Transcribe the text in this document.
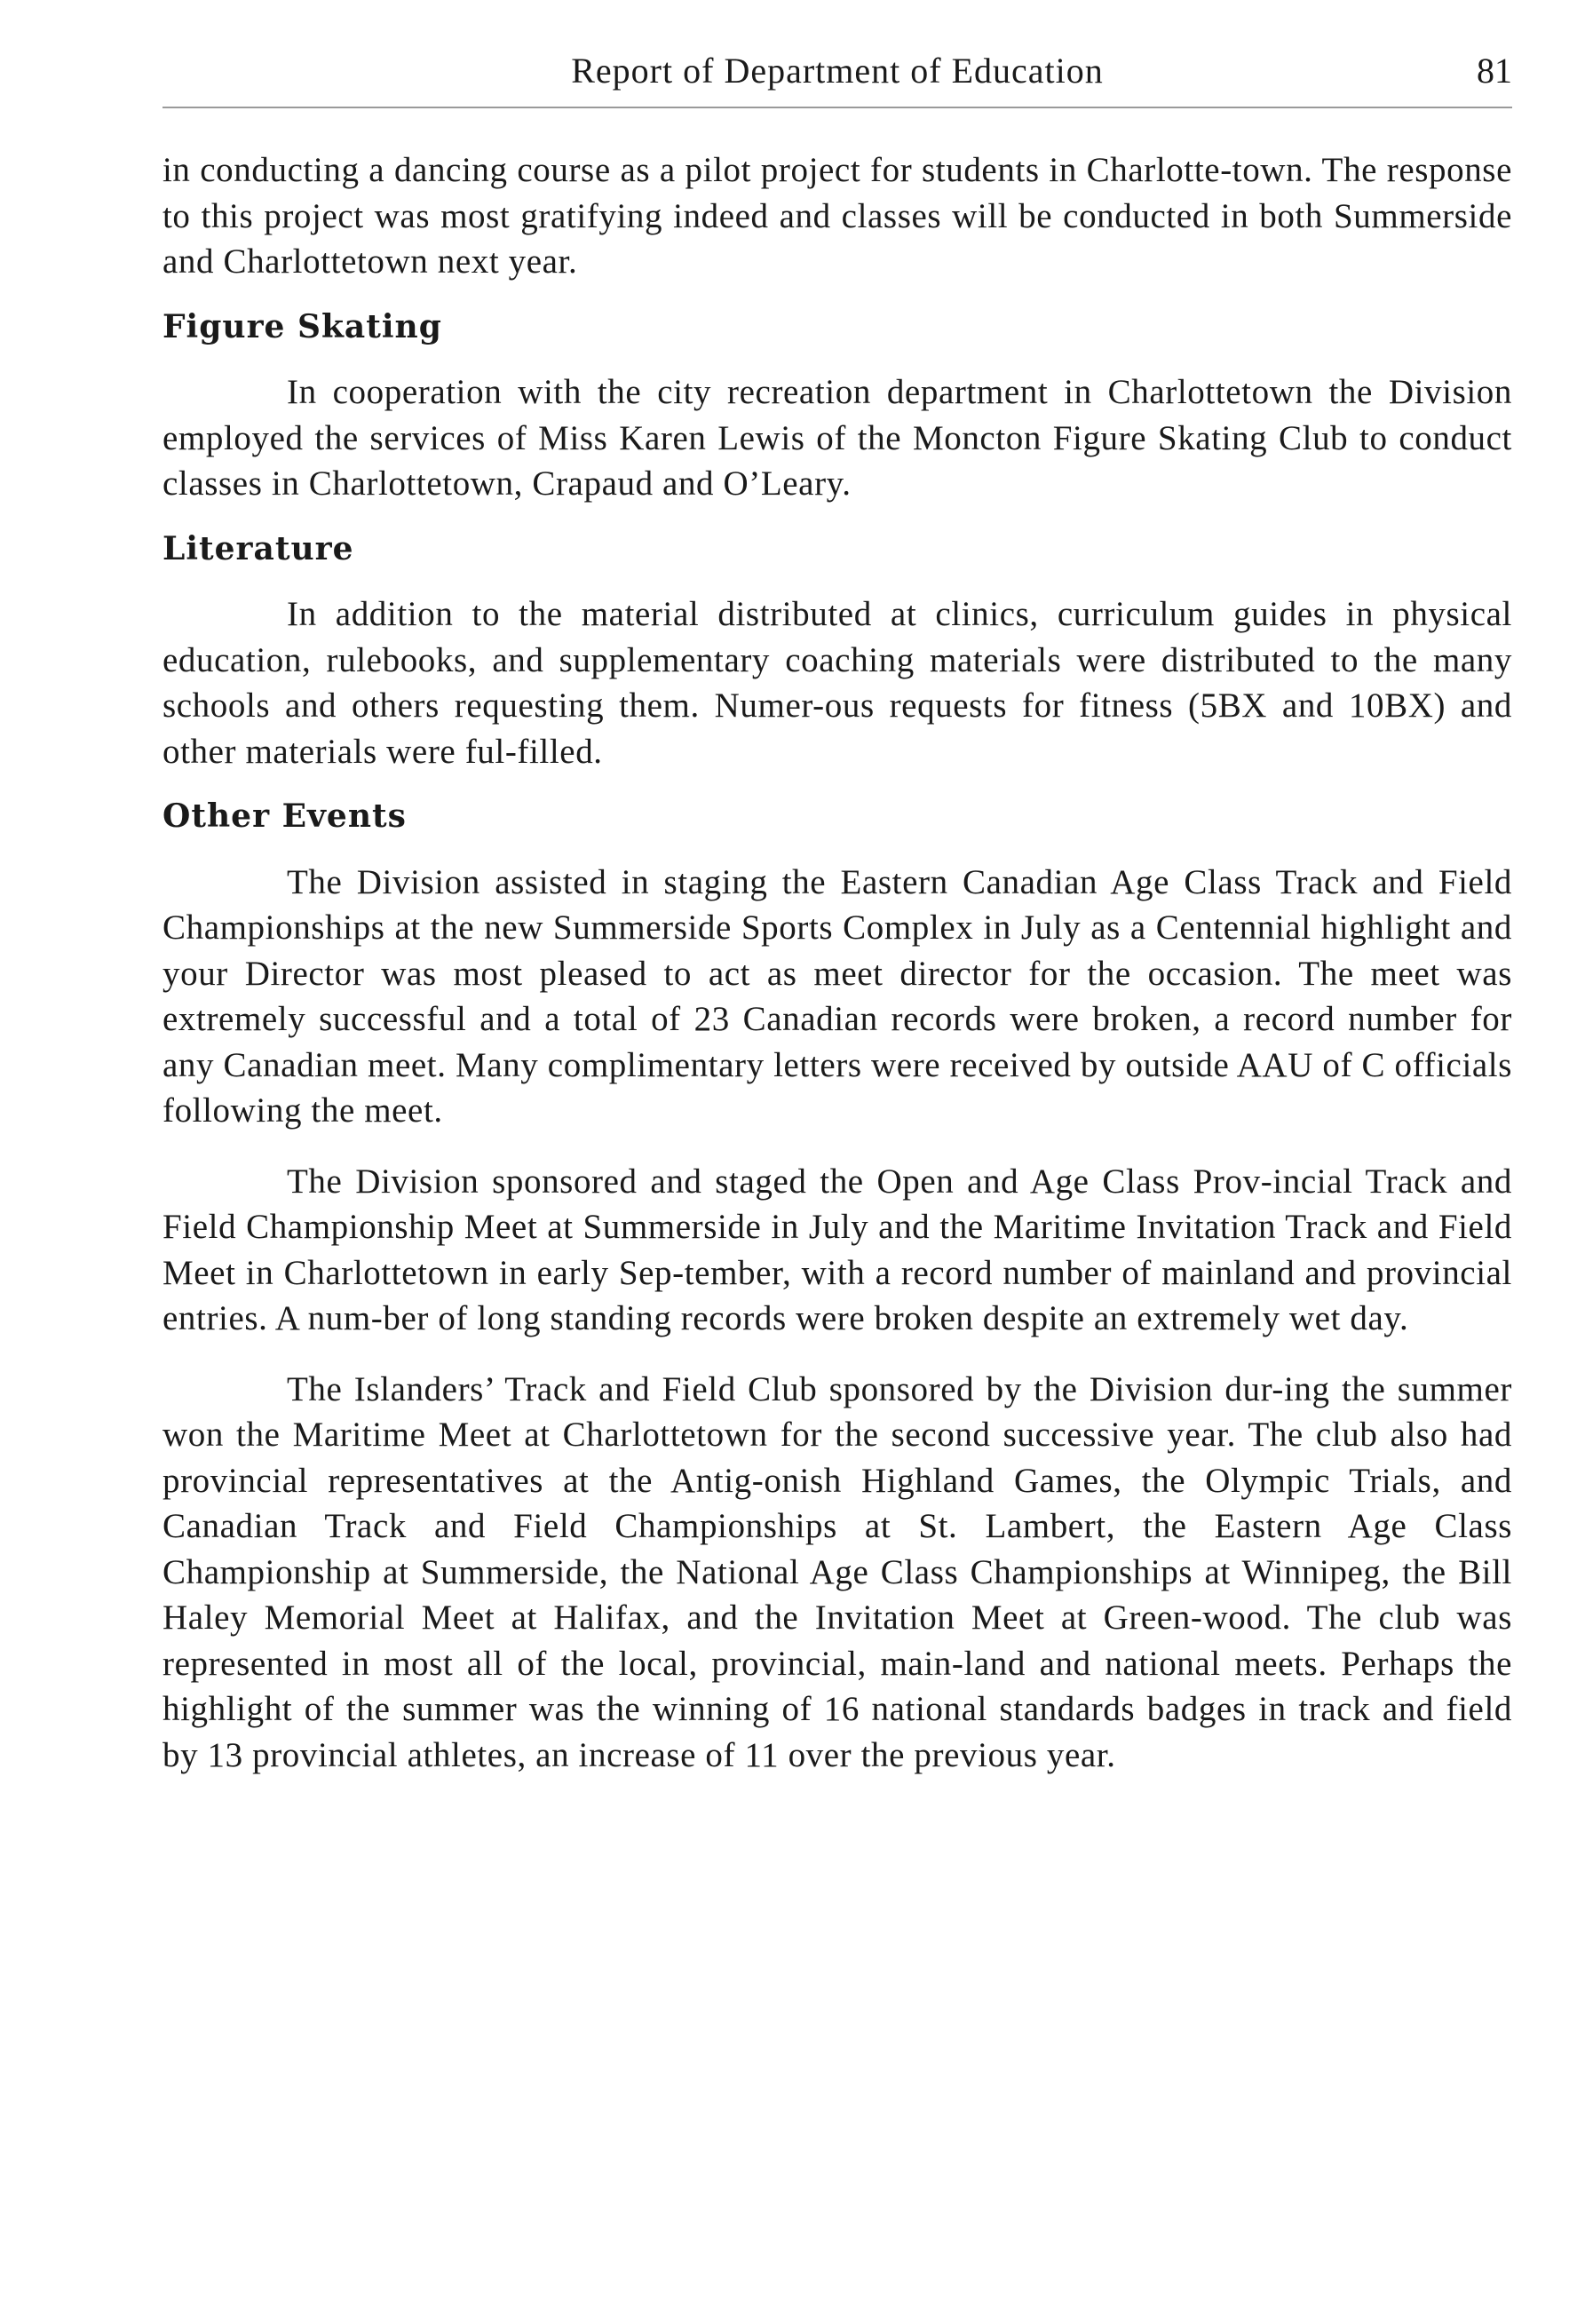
Report of Department of Education	81

in conducting a dancing course as a pilot project for students in Charlotte-town. The response to this project was most gratifying indeed and classes will be conducted in both Summerside and Charlottetown next year.

Figure Skating

In cooperation with the city recreation department in Charlottetown the Division employed the services of Miss Karen Lewis of the Moncton Figure Skating Club to conduct classes in Charlottetown, Crapaud and O’Leary.

Literature

In addition to the material distributed at clinics, curriculum guides in physical education, rulebooks, and supplementary coaching materials were distributed to the many schools and others requesting them. Numer-ous requests for fitness (5BX and 10BX) and other materials were ful-filled.

Other Events

The Division assisted in staging the Eastern Canadian Age Class Track and Field Championships at the new Summerside Sports Complex in July as a Centennial highlight and your Director was most pleased to act as meet director for the occasion. The meet was extremely successful and a total of 23 Canadian records were broken, a record number for any Canadian meet. Many complimentary letters were received by outside AAU of C officials following the meet.

The Division sponsored and staged the Open and Age Class Prov-incial Track and Field Championship Meet at Summerside in July and the Maritime Invitation Track and Field Meet in Charlottetown in early Sep-tember, with a record number of mainland and provincial entries. A num-ber of long standing records were broken despite an extremely wet day.

The Islanders’ Track and Field Club sponsored by the Division dur-ing the summer won the Maritime Meet at Charlottetown for the second successive year. The club also had provincial representatives at the Antig-onish Highland Games, the Olympic Trials, and Canadian Track and Field Championships at St. Lambert, the Eastern Age Class Championship at Summerside, the National Age Class Championships at Winnipeg, the Bill Haley Memorial Meet at Halifax, and the Invitation Meet at Green-wood. The club was represented in most all of the local, provincial, main-land and national meets. Perhaps the highlight of the summer was the winning of 16 national standards badges in track and field by 13 provincial athletes, an increase of 11 over the previous year.
